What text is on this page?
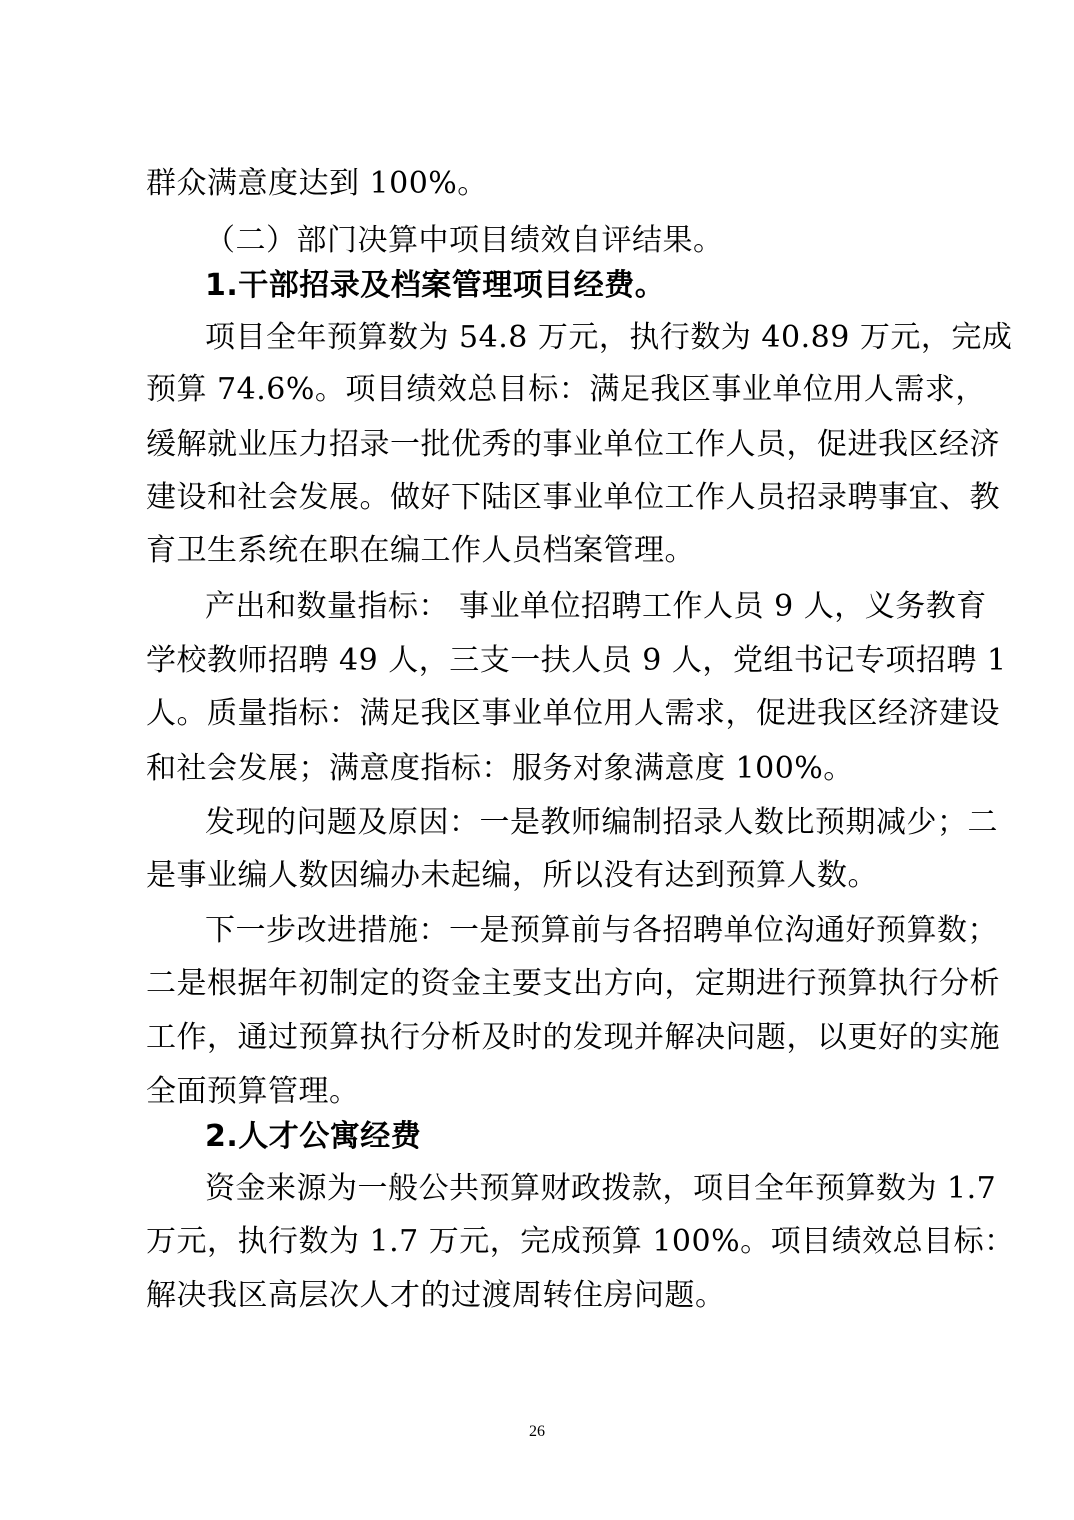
群众满意度达到 100%。
（二）部门决算中项目绩效自评结果。
1.干部招录及档案管理项目经费。
项目全年预算数为 54.8 万元，执行数为 40.89 万元，完成
预算 74.6%。项目绩效总目标：满足我区事业单位用人需求，
缓解就业压力招录一批优秀的事业单位工作人员，促进我区经济
建设和社会发展。做好下陆区事业单位工作人员招录聘事宜、教
育卫生系统在职在编工作人员档案管理。
产出和数量指标： 事业单位招聘工作人员 9 人，义务教育
学校教师招聘 49 人，三支一扶人员 9 人，党组书记专项招聘 1
人。质量指标：满足我区事业单位用人需求，促进我区经济建设
和社会发展；满意度指标：服务对象满意度 100%。
发现的问题及原因：一是教师编制招录人数比预期减少；二
是事业编人数因编办未起编，所以没有达到预算人数。
下一步改进措施：一是预算前与各招聘单位沟通好预算数；
二是根据年初制定的资金主要支出方向，定期进行预算执行分析
工作，通过预算执行分析及时的发现并解决问题，以更好的实施
全面预算管理。
2.人才公寓经费
资金来源为一般公共预算财政拨款，项目全年预算数为 1.7
万元，执行数为 1.7 万元，完成预算 100%。项目绩效总目标：
解决我区高层次人才的过渡周转住房问题。
26
